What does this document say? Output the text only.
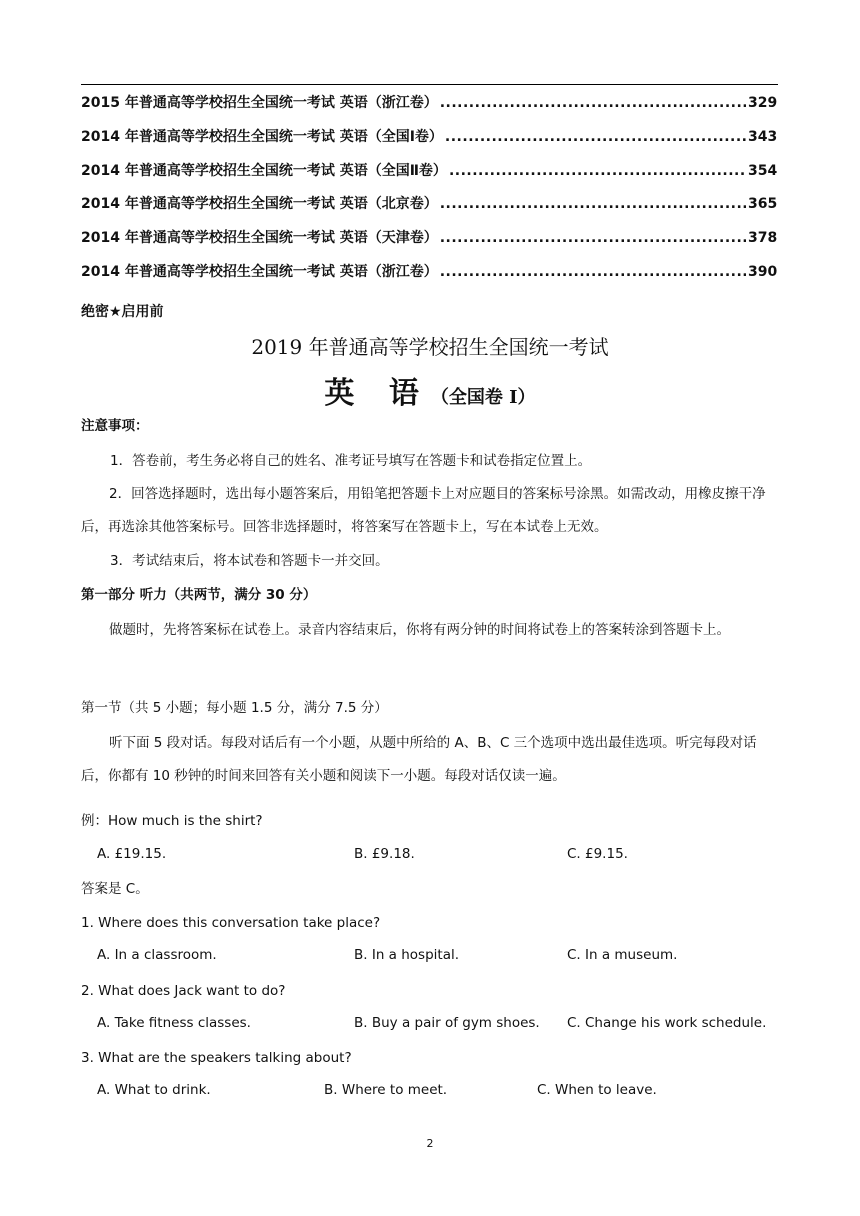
2015 年普通高等学校招生全国统一考试 英语（浙江卷） .....	329
2014 年普通高等学校招生全国统一考试 英语（全国Ⅰ卷） .....	343
2014 年普通高等学校招生全国统一考试 英语（全国Ⅱ卷） .....	354
2014 年普通高等学校招生全国统一考试 英语（北京卷） .....	365
2014 年普通高等学校招生全国统一考试 英语（天津卷） .....	378
2014 年普通高等学校招生全国统一考试 英语（浙江卷） .....	390
绝密★启用前
2019 年普通高等学校招生全国统一考试
英 语（全国卷 I）
注意事项：
1．答卷前，考生务必将自己的姓名、准考证号填写在答题卡和试卷指定位置上。
2．回答选择题时，选出每小题答案后，用铅笔把答题卡上对应题目的答案标号涂黑。如需改动，用橡皮擦干净后，再选涂其他答案标号。回答非选择题时，将答案写在答题卡上，写在本试卷上无效。
3．考试结束后，将本试卷和答题卡一并交回。
第一部分 听力（共两节，满分 30 分）
做题时，先将答案标在试卷上。录音内容结束后，你将有两分钟的时间将试卷上的答案转涂到答题卡上。
第一节（共 5 小题；每小题 1.5 分，满分 7.5 分）
听下面 5 段对话。每段对话后有一个小题，从题中所给的 A、B、C 三个选项中选出最佳选项。听完每段对话后，你都有 10 秒钟的时间来回答有关小题和阅读下一小题。每段对话仅读一遍。
例：How much is the shirt?
A. £19.15.	B. £9.18.	C. £9.15.
答案是 C。
1. Where does this conversation take place?
A. In a classroom.	B. In a hospital.	C. In a museum.
2. What does Jack want to do?
A. Take fitness classes.	B. Buy a pair of gym shoes. C. Change his work schedule.
3. What are the speakers talking about?
A. What to drink.	B. Where to meet.	C. When to leave.
2
